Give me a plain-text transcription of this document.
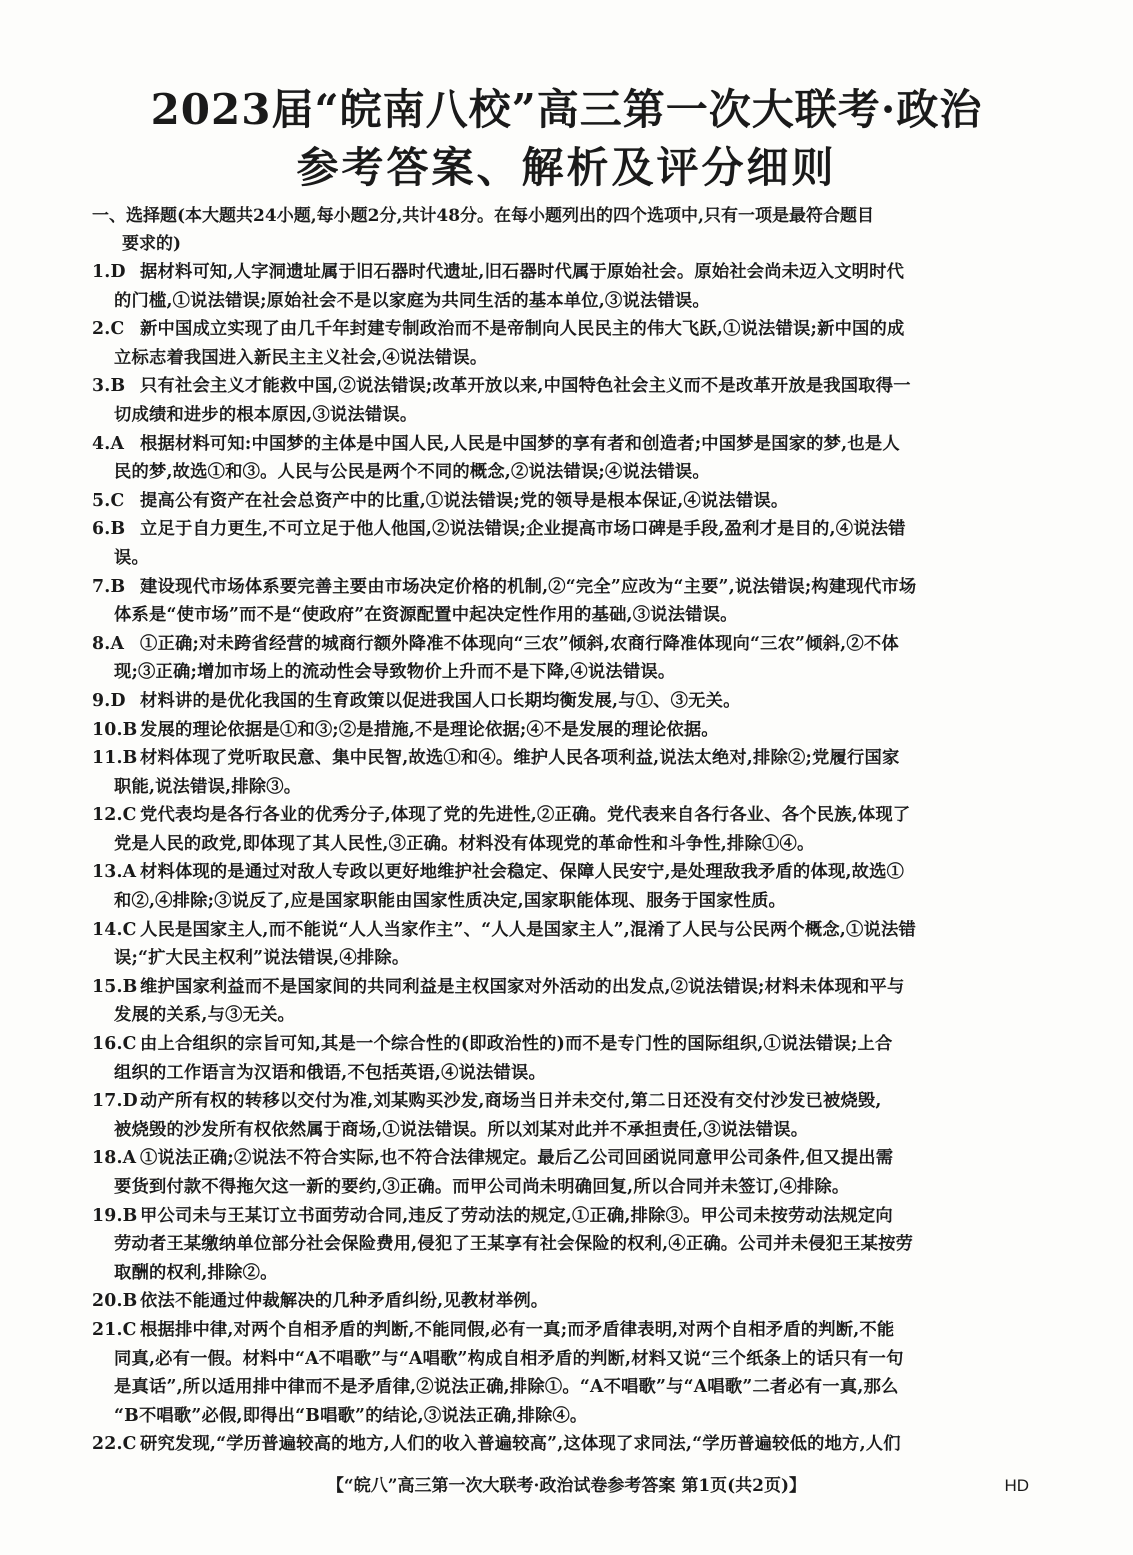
2023届“皖南八校”高三第一次大联考·政治
参考答案、解析及评分细则
一、选择题(本大题共24小题,每小题2分,共计48分。在每小题列出的四个选项中,只有一项是最符合题目
要求的)
1.D 据材料可知,人字洞遗址属于旧石器时代遗址,旧石器时代属于原始社会。原始社会尚未迈入文明时代
的门槛,①说法错误;原始社会不是以家庭为共同生活的基本单位,③说法错误。
2.C 新中国成立实现了由几千年封建专制政治而不是帝制向人民民主的伟大飞跃,①说法错误;新中国的成
立标志着我国进入新民主主义社会,④说法错误。
3.B 只有社会主义才能救中国,②说法错误;改革开放以来,中国特色社会主义而不是改革开放是我国取得一
切成绩和进步的根本原因,③说法错误。
4.A 根据材料可知:中国梦的主体是中国人民,人民是中国梦的享有者和创造者;中国梦是国家的梦,也是人
民的梦,故选①和③。人民与公民是两个不同的概念,②说法错误;④说法错误。
5.C 提高公有资产在社会总资产中的比重,①说法错误;党的领导是根本保证,④说法错误。
6.B 立足于自力更生,不可立足于他人他国,②说法错误;企业提高市场口碑是手段,盈利才是目的,④说法错
误。
7.B 建设现代市场体系要完善主要由市场决定价格的机制,②“完全”应改为“主要”,说法错误;构建现代市场
体系是“使市场”而不是“使政府”在资源配置中起决定性作用的基础,③说法错误。
8.A ①正确;对未跨省经营的城商行额外降准不体现向“三农”倾斜,农商行降准体现向“三农”倾斜,②不体
现;③正确;增加市场上的流动性会导致物价上升而不是下降,④说法错误。
9.D 材料讲的是优化我国的生育政策以促进我国人口长期均衡发展,与①、③无关。
10.B 发展的理论依据是①和③;②是措施,不是理论依据;④不是发展的理论依据。
11.B 材料体现了党听取民意、集中民智,故选①和④。维护人民各项利益,说法太绝对,排除②;党履行国家
职能,说法错误,排除③。
12.C 党代表均是各行各业的优秀分子,体现了党的先进性,②正确。党代表来自各行各业、各个民族,体现了
党是人民的政党,即体现了其人民性,③正确。材料没有体现党的革命性和斗争性,排除①④。
13.A 材料体现的是通过对敌人专政以更好地维护社会稳定、保障人民安宁,是处理敌我矛盾的体现,故选①
和②,④排除;③说反了,应是国家职能由国家性质决定,国家职能体现、服务于国家性质。
14.C 人民是国家主人,而不能说“人人当家作主”、“人人是国家主人”,混淆了人民与公民两个概念,①说法错
误;“扩大民主权利”说法错误,④排除。
15.B 维护国家利益而不是国家间的共同利益是主权国家对外活动的出发点,②说法错误;材料未体现和平与
发展的关系,与③无关。
16.C 由上合组织的宗旨可知,其是一个综合性的(即政治性的)而不是专门性的国际组织,①说法错误;上合
组织的工作语言为汉语和俄语,不包括英语,④说法错误。
17.D 动产所有权的转移以交付为准,刘某购买沙发,商场当日并未交付,第二日还没有交付沙发已被烧毁,
被烧毁的沙发所有权依然属于商场,①说法错误。所以刘某对此并不承担责任,③说法错误。
18.A ①说法正确;②说法不符合实际,也不符合法律规定。最后乙公司回函说同意甲公司条件,但又提出需
要货到付款不得拖欠这一新的要约,③正确。而甲公司尚未明确回复,所以合同并未签订,④排除。
19.B 甲公司未与王某订立书面劳动合同,违反了劳动法的规定,①正确,排除③。甲公司未按劳动法规定向
劳动者王某缴纳单位部分社会保险费用,侵犯了王某享有社会保险的权利,④正确。公司并未侵犯王某按劳
取酬的权利,排除②。
20.B 依法不能通过仲裁解决的几种矛盾纠纷,见教材举例。
21.C 根据排中律,对两个自相矛盾的判断,不能同假,必有一真;而矛盾律表明,对两个自相矛盾的判断,不能
同真,必有一假。材料中“A不唱歌”与“A唱歌”构成自相矛盾的判断,材料又说“三个纸条上的话只有一句
是真话”,所以适用排中律而不是矛盾律,②说法正确,排除①。“A不唱歌”与“A唱歌”二者必有一真,那么
“B不唱歌”必假,即得出“B唱歌”的结论,③说法正确,排除④。
22.C 研究发现,“学历普遍较高的地方,人们的收入普遍较高”,这体现了求同法,“学历普遍较低的地方,人们
【“皖八”高三第一次大联考·政治试卷参考答案 第1页(共2页)】	HD
